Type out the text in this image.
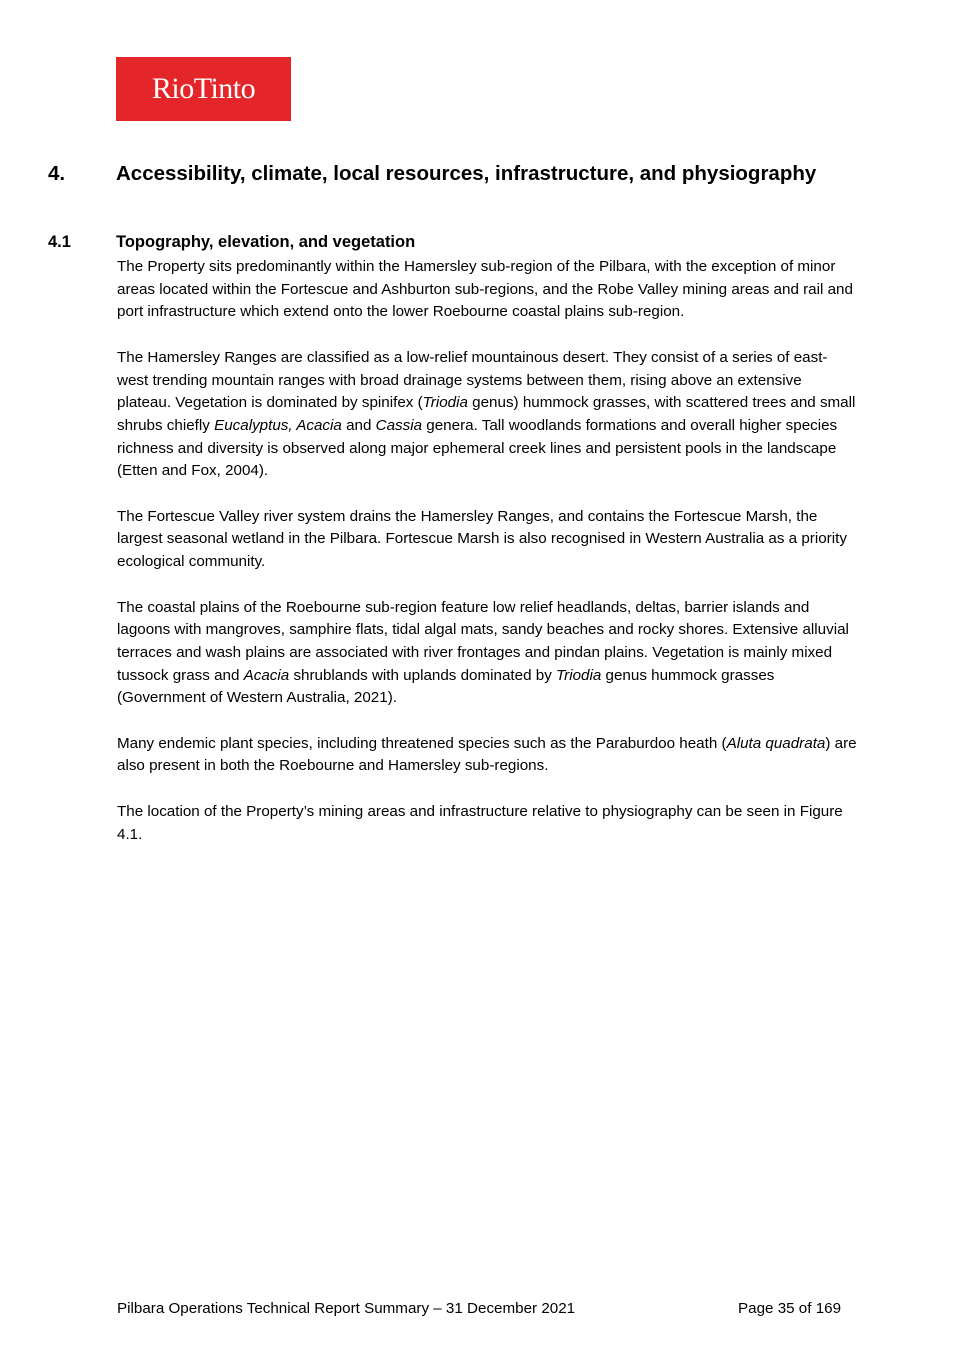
RioTinto
4. Accessibility, climate, local resources, infrastructure, and physiography
4.1	Topography, elevation, and vegetation

The Property sits predominantly within the Hamersley sub-region of the Pilbara, with the exception of minor areas located within the Fortescue and Ashburton sub-regions, and the Robe Valley mining areas and rail and port infrastructure which extend onto the lower Roebourne coastal plains sub-region.

The Hamersley Ranges are classified as a low-relief mountainous desert. They consist of a series of east-west trending mountain ranges with broad drainage systems between them, rising above an extensive plateau. Vegetation is dominated by spinifex (Triodia genus) hummock grasses, with scattered trees and small shrubs chiefly Eucalyptus, Acacia and Cassia genera. Tall woodlands formations and overall higher species richness and diversity is observed along major ephemeral creek lines and persistent pools in the landscape (Etten and Fox, 2004).

The Fortescue Valley river system drains the Hamersley Ranges, and contains the Fortescue Marsh, the largest seasonal wetland in the Pilbara. Fortescue Marsh is also recognised in Western Australia as a priority ecological community.

The coastal plains of the Roebourne sub-region feature low relief headlands, deltas, barrier islands and lagoons with mangroves, samphire flats, tidal algal mats, sandy beaches and rocky shores. Extensive alluvial terraces and wash plains are associated with river frontages and pindan plains. Vegetation is mainly mixed tussock grass and Acacia shrublands with uplands dominated by Triodia genus hummock grasses (Government of Western Australia, 2021).

Many endemic plant species, including threatened species such as the Paraburdoo heath (Aluta quadrata) are also present in both the Roebourne and Hamersley sub-regions.

The location of the Property’s mining areas and infrastructure relative to physiography can be seen in Figure 4.1.

Pilbara Operations Technical Report Summary – 31 December 2021	Page 35 of 169
